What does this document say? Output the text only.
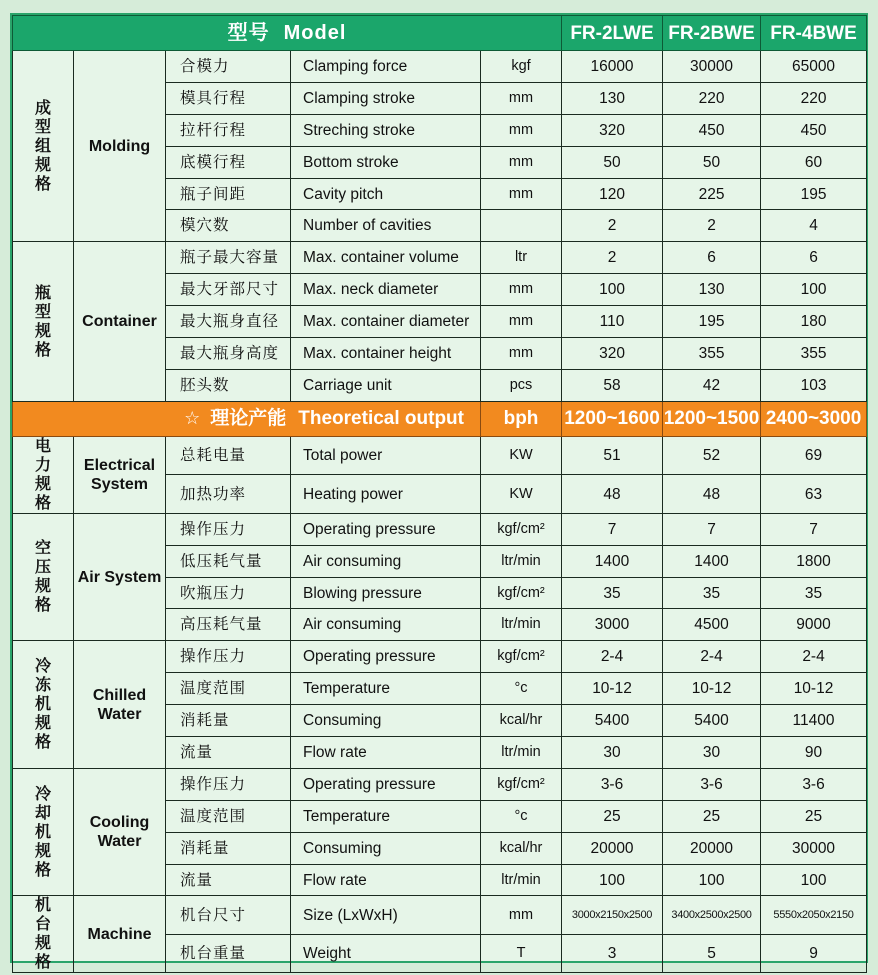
型号 Model					FR-2LWE	FR-2BWE	FR-4BWE
成型组规格	Molding	合模力	Clamping force	kgf	16000	30000	65000
		模具行程	Clamping stroke	mm	130	220	220
		拉杆行程	Streching stroke	mm	320	450	450
		底模行程	Bottom stroke	mm	50	50	60
		瓶子间距	Cavity pitch	mm	120	225	195
		模穴数	Number of cavities		2	2	4
瓶型规格	Container	瓶子最大容量	Max. container volume	ltr	2	6	6
		最大牙部尺寸	Max. neck diameter	mm	100	130	100
		最大瓶身直径	Max. container diameter	mm	110	195	180
		最大瓶身高度	Max. container height	mm	320	355	355
		胚头数	Carriage unit	pcs	58	42	103
☆ 理论产能 Theoretical output				bph	1200~1600	1200~1500	2400~3000
电力规格	Electrical System	总耗电量	Total power	KW	51	52	69
		加热功率	Heating power	KW	48	48	63
空压规格	Air System	操作压力	Operating pressure	kgf/cm²	7	7	7
		低压耗气量	Air consuming	ltr/min	1400	1400	1800
		吹瓶压力	Blowing pressure	kgf/cm²	35	35	35
		高压耗气量	Air consuming	ltr/min	3000	4500	9000
冷冻机规格	Chilled Water	操作压力	Operating pressure	kgf/cm²	2-4	2-4	2-4
		温度范围	Temperature	°c	10-12	10-12	10-12
		消耗量	Consuming	kcal/hr	5400	5400	11400
		流量	Flow rate	ltr/min	30	30	90
冷却机规格	Cooling Water	操作压力	Operating pressure	kgf/cm²	3-6	3-6	3-6
		温度范围	Temperature	°c	25	25	25
		消耗量	Consuming	kcal/hr	20000	20000	30000
		流量	Flow rate	ltr/min	100	100	100
机台规格	Machine	机台尺寸	Size (LxWxH)	mm	3000x2150x2500	3400x2500x2500	5550x2050x2150
		机台重量	Weight	T	3	5	9
